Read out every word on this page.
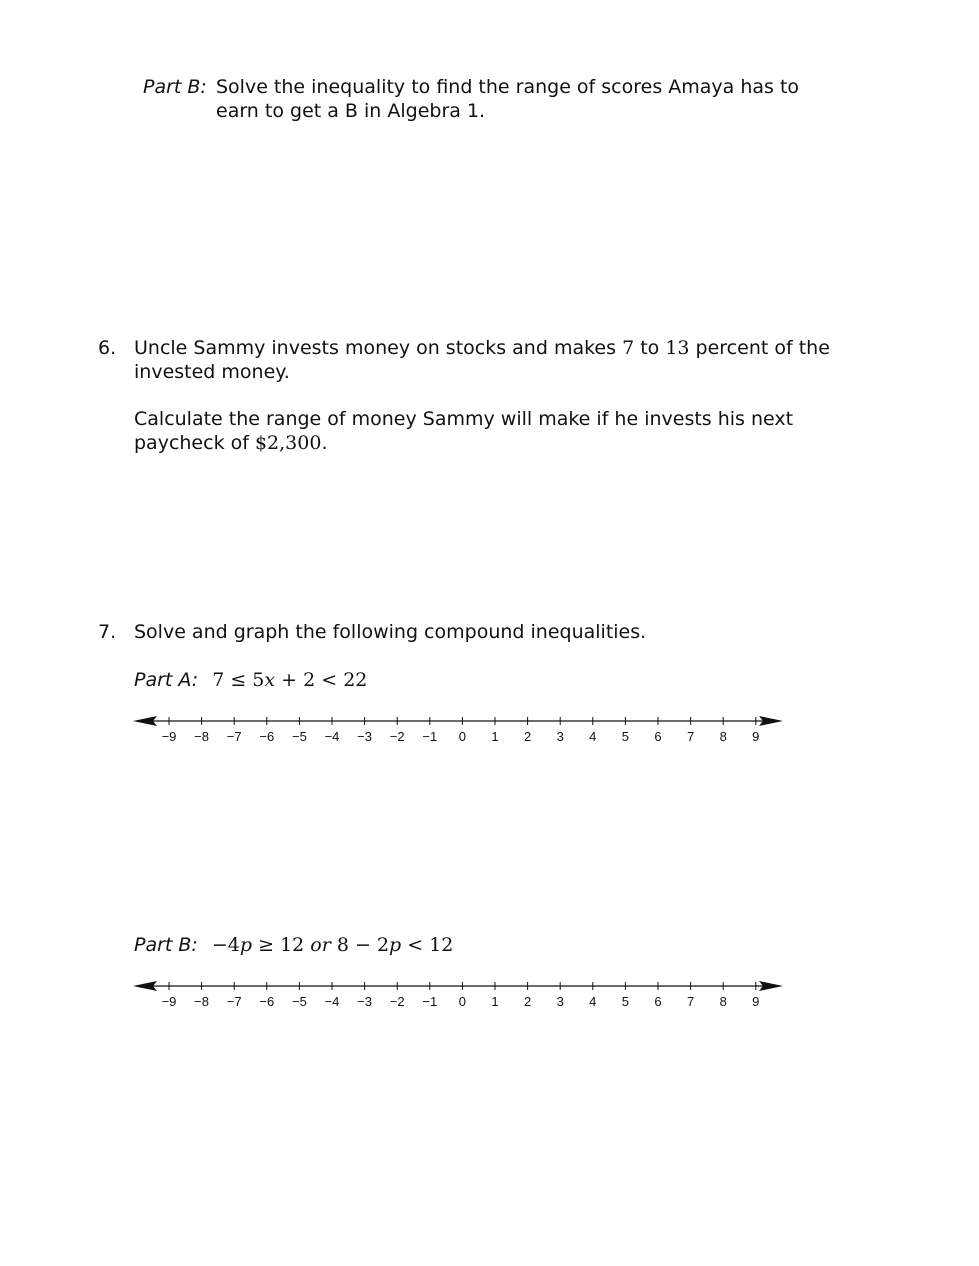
Part B: Solve the inequality to find the range of scores Amaya has to
earn to get a B in Algebra 1.
6. Uncle Sammy invests money on stocks and makes 7 to 13 percent of the
invested money.
Calculate the range of money Sammy will make if he invests his next
paycheck of $2,300.
7. Solve and graph the following compound inequalities.
Part A: 7 ≤ 5x + 2 < 22
−9 −8 −7 −6 −5 −4 −3 −2 −1 0 1 2 3 4 5 6 7 8 9
Part B: −4p ≥ 12 or 8 − 2p < 12
−9 −8 −7 −6 −5 −4 −3 −2 −1 0 1 2 3 4 5 6 7 8 9
